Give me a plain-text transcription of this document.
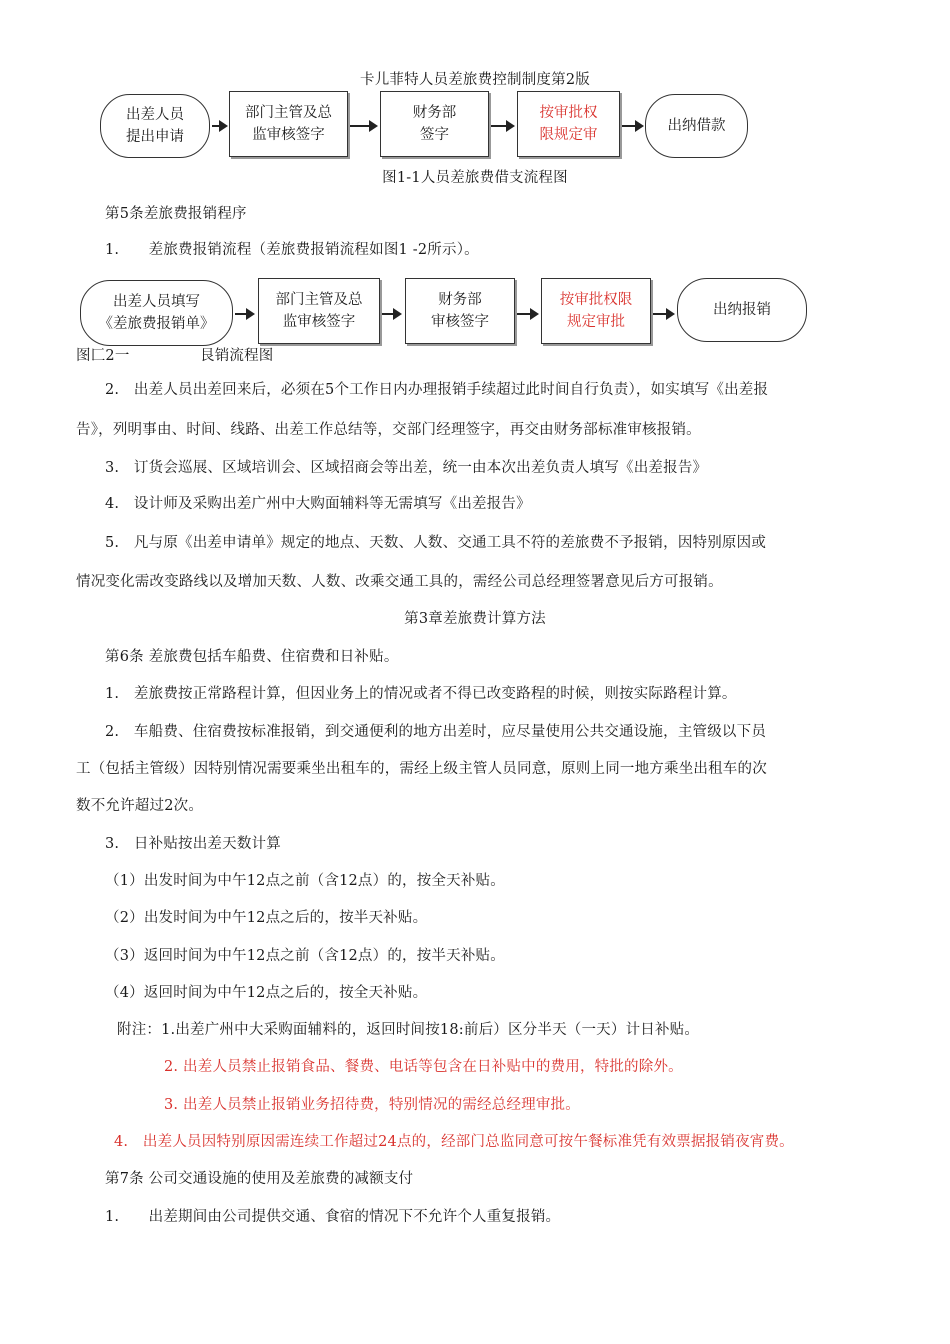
卡儿菲特人员差旅费控制制度第2版
出差人员
提出申请
部门主管及总
监审核签字
财务部
签字
按审批权
限规定审
出纳借款
图1-1人员差旅费借支流程图
第5条差旅费报销程序
1.　　差旅费报销流程（差旅费报销流程如图1 -2所示）。
出差人员填写
《差旅费报销单》
部门主管及总
监审核签字
财务部
审核签字
按审批权限
规定审批
出纳报销
图匚2一	艮销流程图
2.　出差人员出差回来后，必须在5个工作日内办理报销手续超过此时间自行负责），如实填写《出差报
告》，列明事由、时间、线路、出差工作总结等，交部门经理签字，再交由财务部标准审核报销。
3.　订货会巡展、区域培训会、区域招商会等出差，统一由本次出差负责人填写《出差报告》
4.　设计师及采购出差广州中大购面辅料等无需填写《出差报告》
5.　凡与原《出差申请单》规定的地点、天数、人数、交通工具不符的差旅费不予报销，因特别原因或
情况变化需改变路线以及增加天数、人数、改乘交通工具的，需经公司总经理签署意见后方可报销。
第3章差旅费计算方法
第6条 差旅费包括车船费、住宿费和日补贴。
1.　差旅费按正常路程计算，但因业务上的情况或者不得已改变路程的时候，则按实际路程计算。
2.　车船费、住宿费按标准报销，到交通便利的地方出差时，应尽量使用公共交通设施，主管级以下员
工（包括主管级）因特别情况需要乘坐出租车的，需经上级主管人员同意，原则上同一地方乘坐出租车的次
数不允许超过2次。
3.　日补贴按出差天数计算
（1）出发时间为中午12点之前（含12点）的，按全天补贴。
（2）出发时间为中午12点之后的，按半天补贴。
（3）返回时间为中午12点之前（含12点）的，按半天补贴。
（4）返回时间为中午12点之后的，按全天补贴。
附注：1.出差广州中大采购面辅料的，返回时间按18:前后）区分半天（一天）计日补贴。
2. 出差人员禁止报销食品、餐费、电话等包含在日补贴中的费用，特批的除外。
3. 出差人员禁止报销业务招待费，特别情况的需经总经理审批。
4.　出差人员因特别原因需连续工作超过24点的，经部门总监同意可按午餐标准凭有效票据报销夜宵费。
第7条 公司交通设施的使用及差旅费的减额支付
1.　　出差期间由公司提供交通、食宿的情况下不允许个人重复报销。
